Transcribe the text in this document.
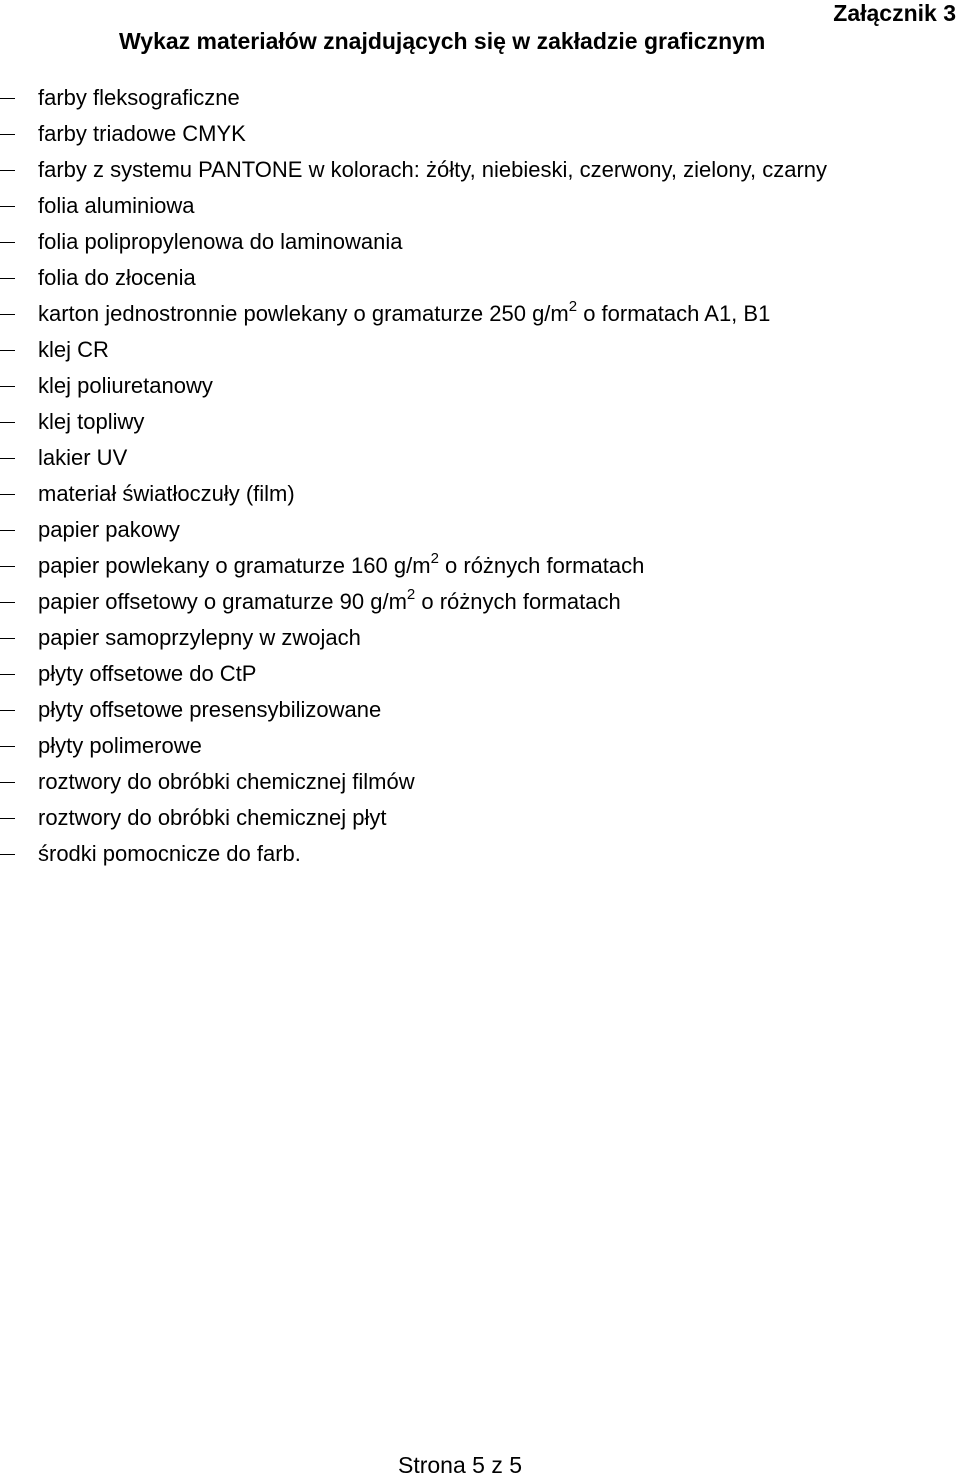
Załącznik 3
Wykaz materiałów znajdujących się w zakładzie graficznym
farby fleksograficzne
farby triadowe CMYK
farby z systemu PANTONE w kolorach: żółty, niebieski, czerwony, zielony, czarny
folia aluminiowa
folia polipropylenowa do laminowania
folia do złocenia
karton jednostronnie powlekany o gramaturze 250 $g/m^2$ o formatach A1, B1
klej CR
klej poliuretanowy
klej topliwy
lakier UV
materiał światłoczuły (film)
papier pakowy
papier powlekany o gramaturze 160 $g/m^2$ o różnych formatach
papier offsetowy o gramaturze 90 $g/m^2$ o różnych formatach
papier samoprzylepny w zwojach
płyty offsetowe do CtP
płyty offsetowe presensybilizowane
płyty polimerowe
roztwory do obróbki chemicznej filmów
roztwory do obróbki chemicznej płyt
środki pomocnicze do farb.
Strona 5 z 5
